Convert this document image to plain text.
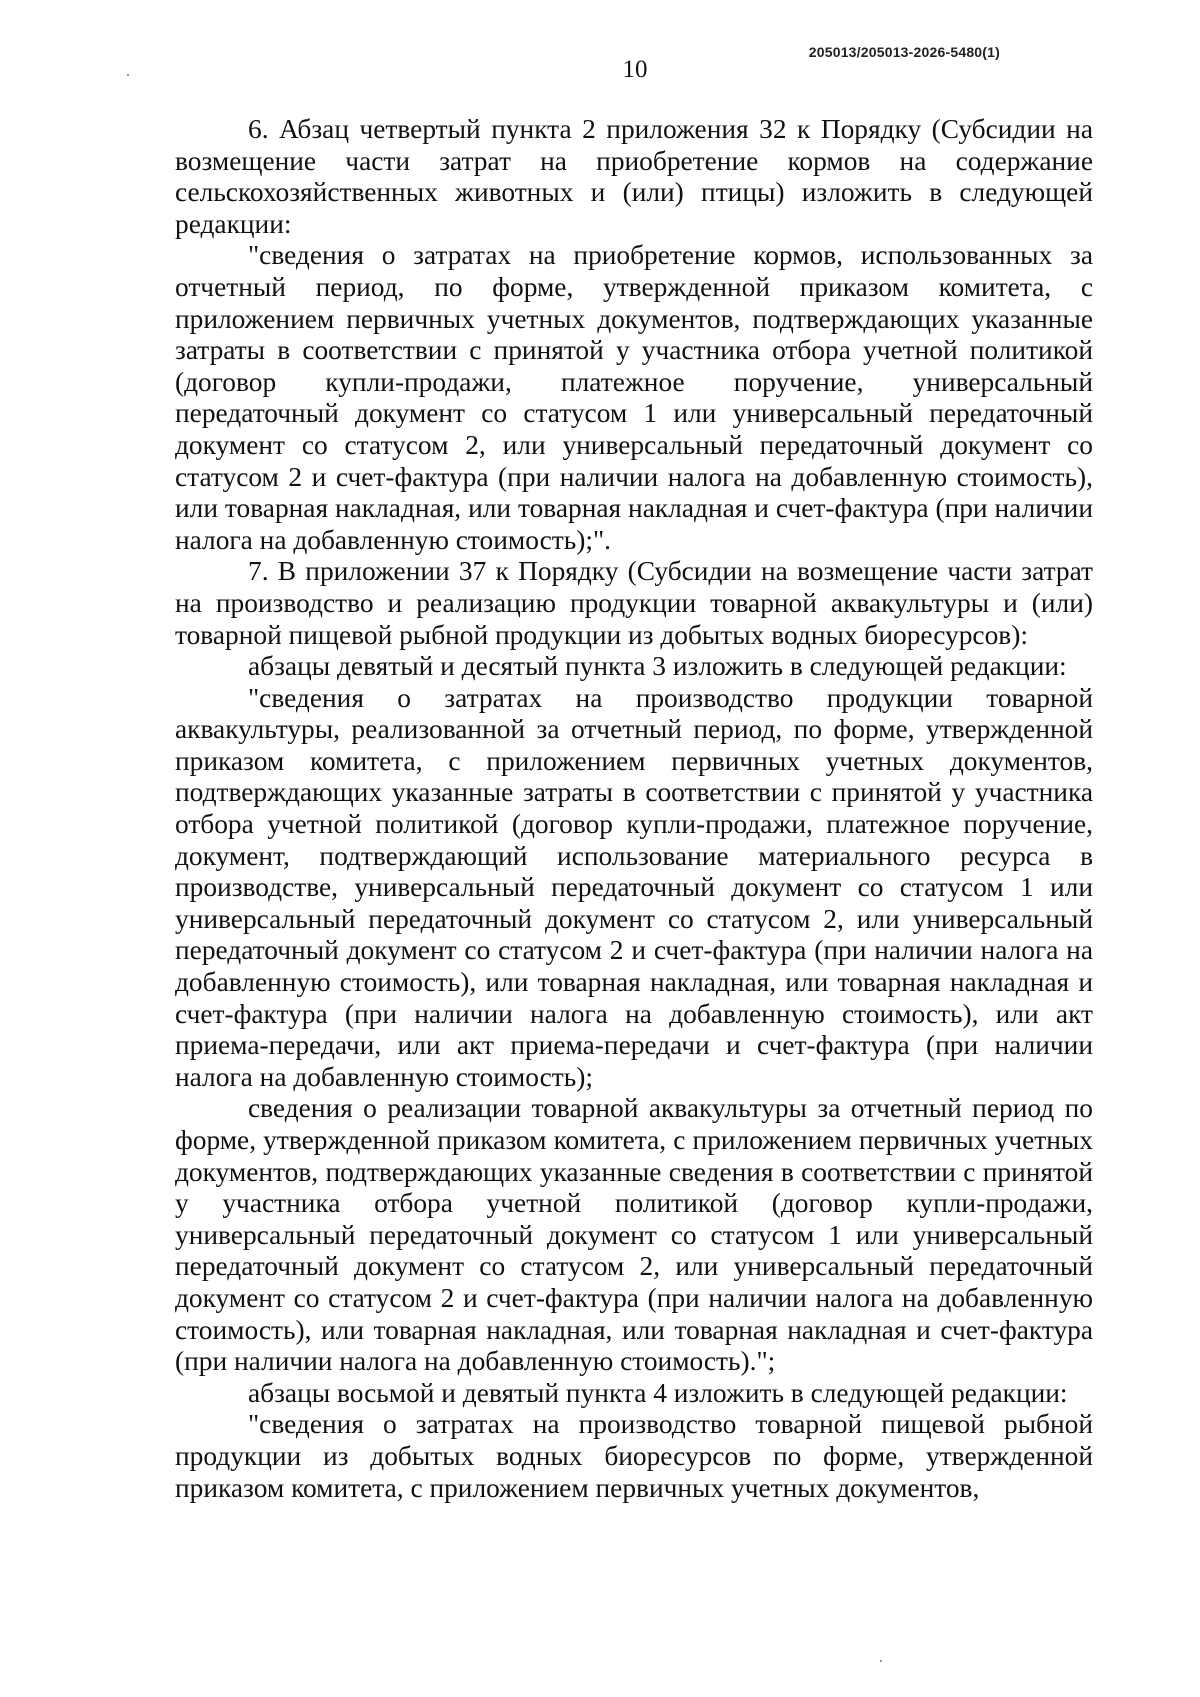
205013/205013-2026-5480(1)
10

6. Абзац четвертый пункта 2 приложения 32 к Порядку (Субсидии на возмещение части затрат на приобретение кормов на содержание сельскохозяйственных животных и (или) птицы) изложить в следующей редакции:

"сведения о затратах на приобретение кормов, использованных за отчетный период, по форме, утвержденной приказом комитета, с приложением первичных учетных документов, подтверждающих указанные затраты в соответствии с принятой у участника отбора учетной политикой (договор купли-продажи, платежное поручение, универсальный передаточный документ со статусом 1 или универсальный передаточный документ со статусом 2, или универсальный передаточный документ со статусом 2 и счет-фактура (при наличии налога на добавленную стоимость), или товарная накладная, или товарная накладная и счет-фактура (при наличии налога на добавленную стоимость);".

7. В приложении 37 к Порядку (Субсидии на возмещение части затрат на производство и реализацию продукции товарной аквакультуры и (или) товарной пищевой рыбной продукции из добытых водных биоресурсов):

абзацы девятый и десятый пункта 3 изложить в следующей редакции:

"сведения о затратах на производство продукции товарной аквакультуры, реализованной за отчетный период, по форме, утвержденной приказом комитета, с приложением первичных учетных документов, подтверждающих указанные затраты в соответствии с принятой у участника отбора учетной политикой (договор купли-продажи, платежное поручение, документ, подтверждающий использование материального ресурса в производстве, универсальный передаточный документ со статусом 1 или универсальный передаточный документ со статусом 2, или универсальный передаточный документ со статусом 2 и счет-фактура (при наличии налога на добавленную стоимость), или товарная накладная, или товарная накладная и счет-фактура (при наличии налога на добавленную стоимость), или акт приема-передачи, или акт приема-передачи и счет-фактура (при наличии налога на добавленную стоимость);

сведения о реализации товарной аквакультуры за отчетный период по форме, утвержденной приказом комитета, с приложением первичных учетных документов, подтверждающих указанные сведения в соответствии с принятой у участника отбора учетной политикой (договор купли-продажи, универсальный передаточный документ со статусом 1 или универсальный передаточный документ со статусом 2, или универсальный передаточный документ со статусом 2 и счет-фактура (при наличии налога на добавленную стоимость), или товарная накладная, или товарная накладная и счет-фактура (при наличии налога на добавленную стоимость).";

абзацы восьмой и девятый пункта 4 изложить в следующей редакции:

"сведения о затратах на производство товарной пищевой рыбной продукции из добытых водных биоресурсов по форме, утвержденной приказом комитета, с приложением первичных учетных документов,
